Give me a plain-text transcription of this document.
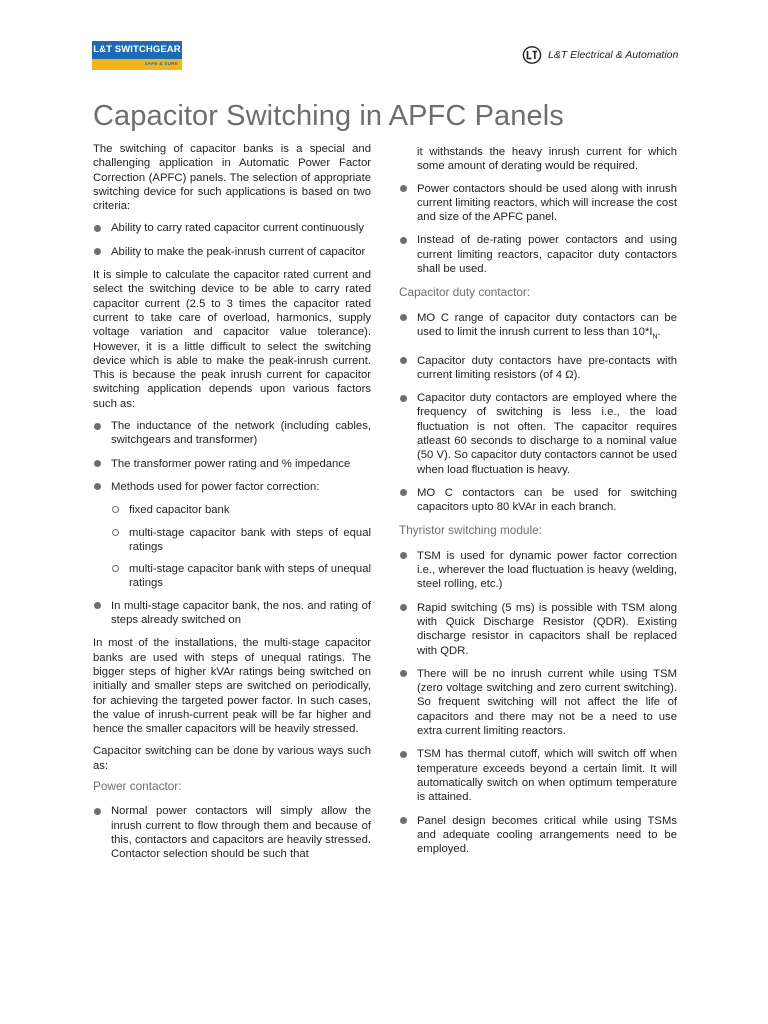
L&T SWITCHGEAR
SAFE & SURE
L&T Electrical & Automation
Capacitor Switching in APFC Panels

The switching of capacitor banks is a special and challenging application in Automatic Power Factor Correction (APFC) panels. The selection of appropriate switching device for such applications is based on two criteria:

Ability to carry rated capacitor current continuously
Ability to make the peak-inrush current of capacitor

It is simple to calculate the capacitor rated current and select the switching device to be able to carry rated capacitor current (2.5 to 3 times the capacitor rated current to take care of overload, harmonics, supply voltage variation and capacitor value tolerance). However, it is a little difficult to select the switching device which is able to make the peak-inrush current. This is because the peak inrush current for capacitor switching application depends upon various factors such as:

The inductance of the network (including cables, switchgears and transformer)
The transformer power rating and % impedance
Methods used for power factor correction:
fixed capacitor bank
multi-stage capacitor bank with steps of equal ratings
multi-stage capacitor bank with steps of unequal ratings
In multi-stage capacitor bank, the nos. and rating of steps already switched on

In most of the installations, the multi-stage capacitor banks are used with steps of unequal ratings. The bigger steps of higher kVAr ratings being switched on initially and smaller steps are switched on periodically, for achieving the targeted power factor. In such cases, the value of inrush-current peak will be far higher and hence the smaller capacitors will be heavily stressed.

Capacitor switching can be done by various ways such as:

Power contactor:
Normal power contactors will simply allow the inrush current to flow through them and because of this, contactors and capacitors are heavily stressed. Contactor selection should be such that

it withstands the heavy inrush current for which some amount of derating would be required.

Power contactors should be used along with inrush current limiting reactors, which will increase the cost and size of the APFC panel.
Instead of de-rating power contactors and using current limiting reactors, capacitor duty contactors shall be used.
Capacitor duty contactor:
MO C range of capacitor duty contactors can be used to limit the inrush current to less than $10*I_N$.
Capacitor duty contactors have pre-contacts with current limiting resistors (of 4 Ω).
Capacitor duty contactors are employed where the frequency of switching is less i.e., the load fluctuation is not often. The capacitor requires atleast 60 seconds to discharge to a nominal value (50 V). So capacitor duty contactors cannot be used when load fluctuation is heavy.
MO C contactors can be used for switching capacitors upto 80 kVAr in each branch.
Thyristor switching module:
TSM is used for dynamic power factor correction i.e., wherever the load fluctuation is heavy (welding, steel rolling, etc.)
Rapid switching (5 ms) is possible with TSM along with Quick Discharge Resistor (QDR). Existing discharge resistor in capacitors shall be replaced with QDR.
There will be no inrush current while using TSM (zero voltage switching and zero current switching). So frequent switching will not affect the life of capacitors and there may not be a need to use extra current limiting reactors.
TSM has thermal cutoff, which will switch off when temperature exceeds beyond a certain limit. It will automatically switch on when optimum temperature is attained.
Panel design becomes critical while using TSMs and adequate cooling arrangements need to be employed.
